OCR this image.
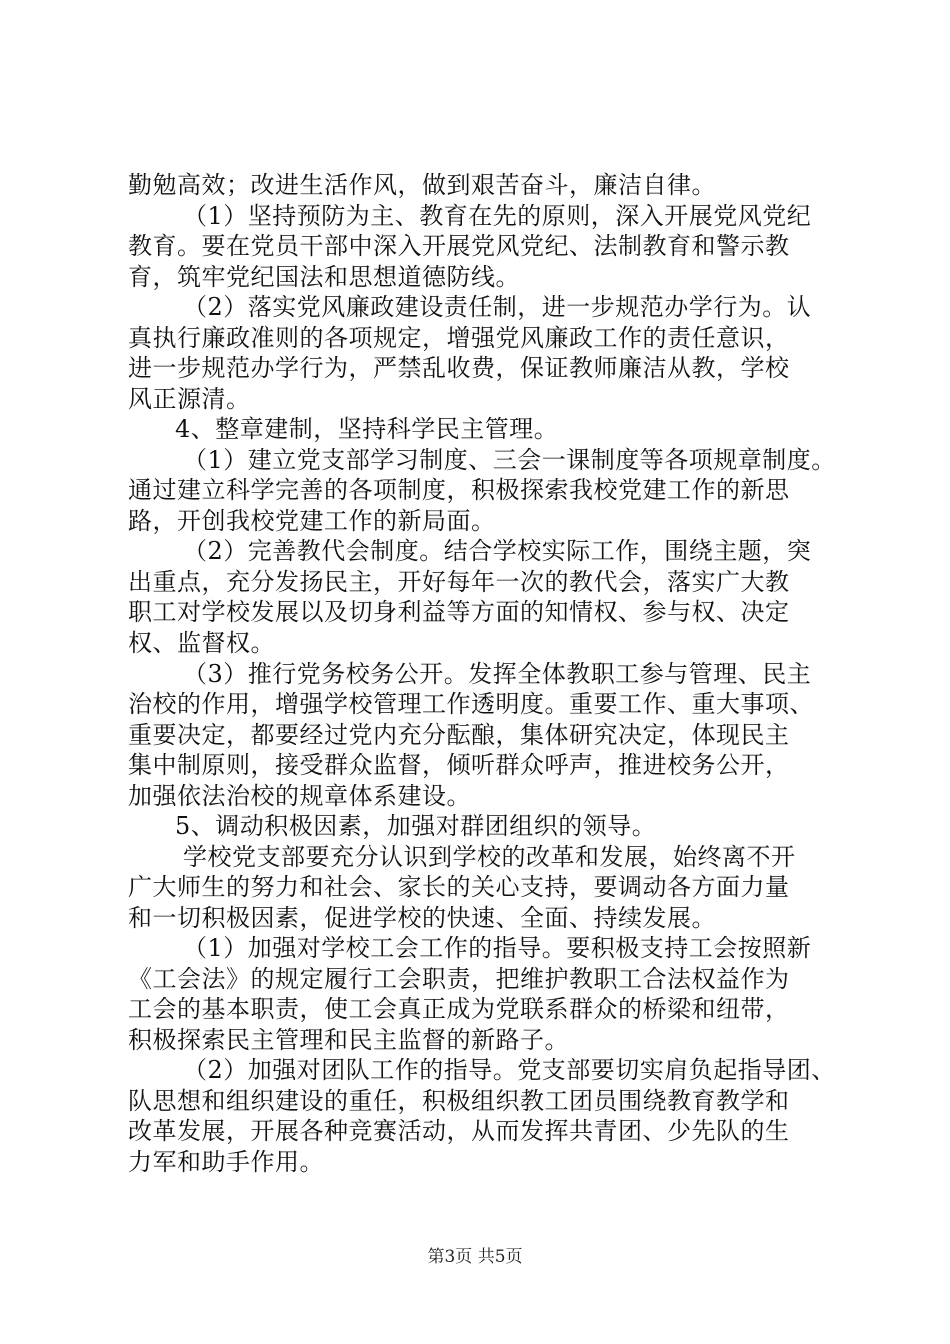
勤勉高效；改进生活作风，做到艰苦奋斗，廉洁自律。
（1）坚持预防为主、教育在先的原则，深入开展党风党纪
教育。要在党员干部中深入开展党风党纪、法制教育和警示教
育，筑牢党纪国法和思想道德防线。
（2）落实党风廉政建设责任制，进一步规范办学行为。认
真执行廉政准则的各项规定，增强党风廉政工作的责任意识，
进一步规范办学行为，严禁乱收费，保证教师廉洁从教，学校
风正源清。
4、整章建制，坚持科学民主管理。
（1）建立党支部学习制度、三会一课制度等各项规章制度。
通过建立科学完善的各项制度，积极探索我校党建工作的新思
路，开创我校党建工作的新局面。
（2）完善教代会制度。结合学校实际工作，围绕主题，突
出重点，充分发扬民主，开好每年一次的教代会，落实广大教
职工对学校发展以及切身利益等方面的知情权、参与权、决定
权、监督权。
（3）推行党务校务公开。发挥全体教职工参与管理、民主
治校的作用，增强学校管理工作透明度。重要工作、重大事项、
重要决定，都要经过党内充分酝酿，集体研究决定，体现民主
集中制原则，接受群众监督，倾听群众呼声，推进校务公开，
加强依法治校的规章体系建设。
5、调动积极因素，加强对群团组织的领导。
学校党支部要充分认识到学校的改革和发展，始终离不开
广大师生的努力和社会、家长的关心支持，要调动各方面力量
和一切积极因素，促进学校的快速、全面、持续发展。
（1）加强对学校工会工作的指导。要积极支持工会按照新
《工会法》的规定履行工会职责，把维护教职工合法权益作为
工会的基本职责，使工会真正成为党联系群众的桥梁和纽带，
积极探索民主管理和民主监督的新路子。
（2）加强对团队工作的指导。党支部要切实肩负起指导团、
队思想和组织建设的重任，积极组织教工团员围绕教育教学和
改革发展，开展各种竞赛活动，从而发挥共青团、少先队的生
力军和助手作用。
第3页 共5页
